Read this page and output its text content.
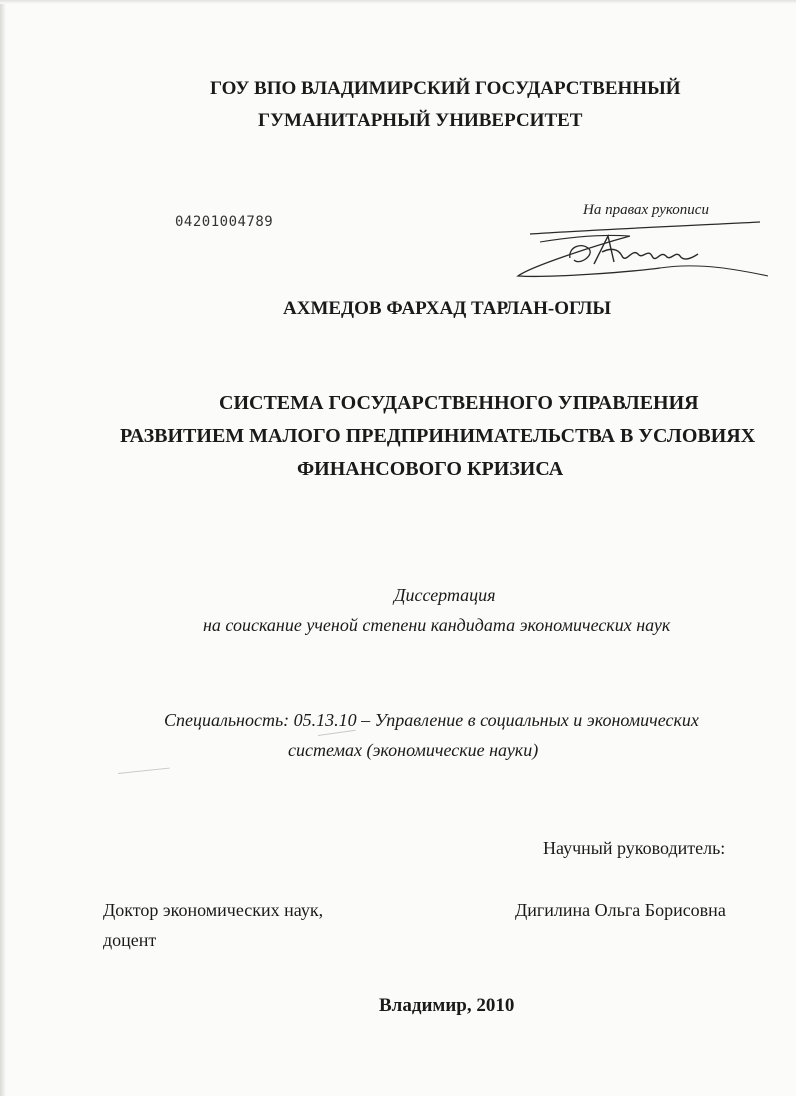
ГОУ ВПО ВЛАДИМИРСКИЙ ГОСУДАРСТВЕННЫЙ
ГУМАНИТАРНЫЙ УНИВЕРСИТЕТ
04201004789
На правах рукописи
АХМЕДОВ ФАРХАД ТАРЛАН-ОГЛЫ
СИСТЕМА ГОСУДАРСТВЕННОГО УПРАВЛЕНИЯ
РАЗВИТИЕМ МАЛОГО ПРЕДПРИНИМАТЕЛЬСТВА В УСЛОВИЯХ
ФИНАНСОВОГО КРИЗИСА
Диссертация
на соискание ученой степени кандидата экономических наук
Специальность: 05.13.10 – Управление в социальных и экономических
системах (экономические науки)
Научный руководитель:
Доктор экономических наук,	Дигилина Ольга Борисовна
доцент
Владимир, 2010
